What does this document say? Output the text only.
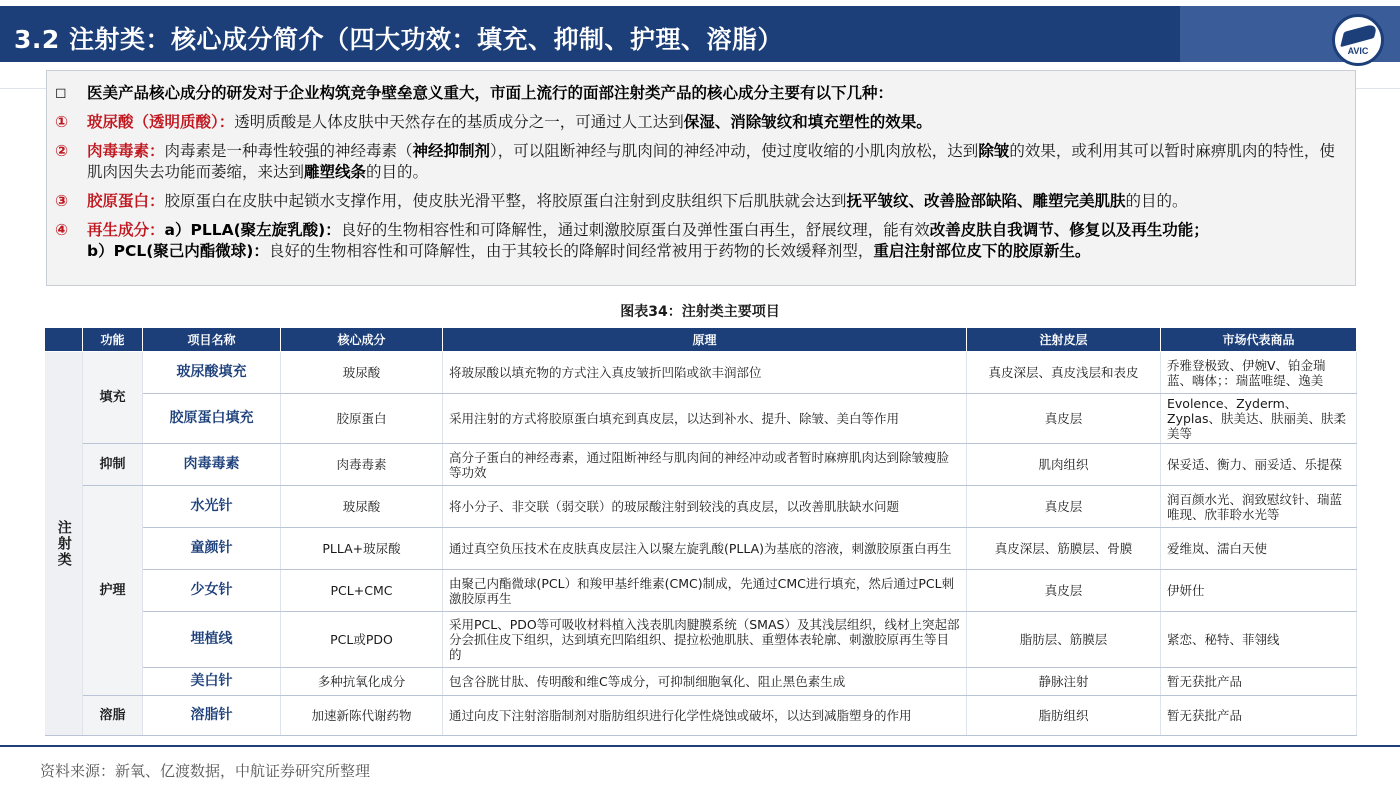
3.2 注射类：核心成分简介（四大功效：填充、抑制、护理、溶脂）	AVIC
◻	医美产品核心成分的研发对于企业构筑竞争壁垒意义重大，市面上流行的面部注射类产品的核心成分主要有以下几种：
①	玻尿酸（透明质酸）：透明质酸是人体皮肤中天然存在的基质成分之一，可通过人工达到保湿、消除皱纹和填充塑性的效果。
②	肉毒毒素：肉毒素是一种毒性较强的神经毒素（神经抑制剂），可以阻断神经与肌肉间的神经冲动，使过度收缩的小肌肉放松，达到除皱的效果，或利用其可以暂时麻痹肌肉的特性，使肌肉因失去功能而萎缩，来达到雕塑线条的目的。
③	胶原蛋白：胶原蛋白在皮肤中起锁水支撑作用，使皮肤光滑平整，将胶原蛋白注射到皮肤组织下后肌肤就会达到抚平皱纹、改善脸部缺陷、雕塑完美肌肤的目的。
④	再生成分：a）PLLA(聚左旋乳酸)：良好的生物相容性和可降解性，通过刺激胶原蛋白及弹性蛋白再生，舒展纹理，能有效改善皮肤自我调节、修复以及再生功能；
b）PCL(聚己内酯微球)：良好的生物相容性和可降解性，由于其较长的降解时间经常被用于药物的长效缓释剂型，重启注射部位皮下的胶原新生。
图表34：注射类主要项目
	功能	项目名称	核心成分	原理	注射皮层	市场代表商品
注射类	填充	玻尿酸填充	玻尿酸	将玻尿酸以填充物的方式注入真皮皱折凹陷或欲丰润部位	真皮深层、真皮浅层和表皮	乔雅登极致、伊婉V、铂金瑞蓝、嗨体；：瑞蓝唯缇、逸美
		胶原蛋白填充	胶原蛋白	采用注射的方式将胶原蛋白填充到真皮层，以达到补水、提升、除皱、美白等作用	真皮层	Evolence、Zyderm、Zyplas、肤美达、肤丽美、肤柔美等
	抑制	肉毒毒素	肉毒毒素	高分子蛋白的神经毒素，通过阻断神经与肌肉间的神经冲动或者暂时麻痹肌肉达到除皱瘦脸等功效	肌肉组织	保妥适、衡力、丽妥适、乐提葆
	护理	水光针	玻尿酸	将小分子、非交联（弱交联）的玻尿酸注射到较浅的真皮层，以改善肌肤缺水问题	真皮层	润百颜水光、润致慰纹针、瑞蓝唯现、欣菲聆水光等
		童颜针	PLLA+玻尿酸	通过真空负压技术在皮肤真皮层注入以聚左旋乳酸(PLLA)为基底的溶液，刺激胶原蛋白再生	真皮深层、筋膜层、骨膜	爱维岚、濡白天使
		少女针	PCL+CMC	由聚己内酯微球(PCL）和羧甲基纤维素(CMC)制成，先通过CMC进行填充，然后通过PCL刺激胶原再生	真皮层	伊妍仕
		埋植线	PCL或PDO	采用PCL、PDO等可吸收材料植入浅表肌肉腱膜系统（SMAS）及其浅层组织，线材上突起部分会抓住皮下组织，达到填充凹陷组织、提拉松弛肌肤、重塑体表轮廓、刺激胶原再生等目的	脂肪层、筋膜层	紧恋、秘特、菲翎线
		美白针	多种抗氧化成分	包含谷胱甘肽、传明酸和维C等成分，可抑制细胞氧化、阻止黑色素生成	静脉注射	暂无获批产品
	溶脂	溶脂针	加速新陈代谢药物	通过向皮下注射溶脂制剂对脂肪组织进行化学性烧蚀或破坏，以达到减脂塑身的作用	脂肪组织	暂无获批产品
资料来源：新氧、亿渡数据，中航证券研究所整理
